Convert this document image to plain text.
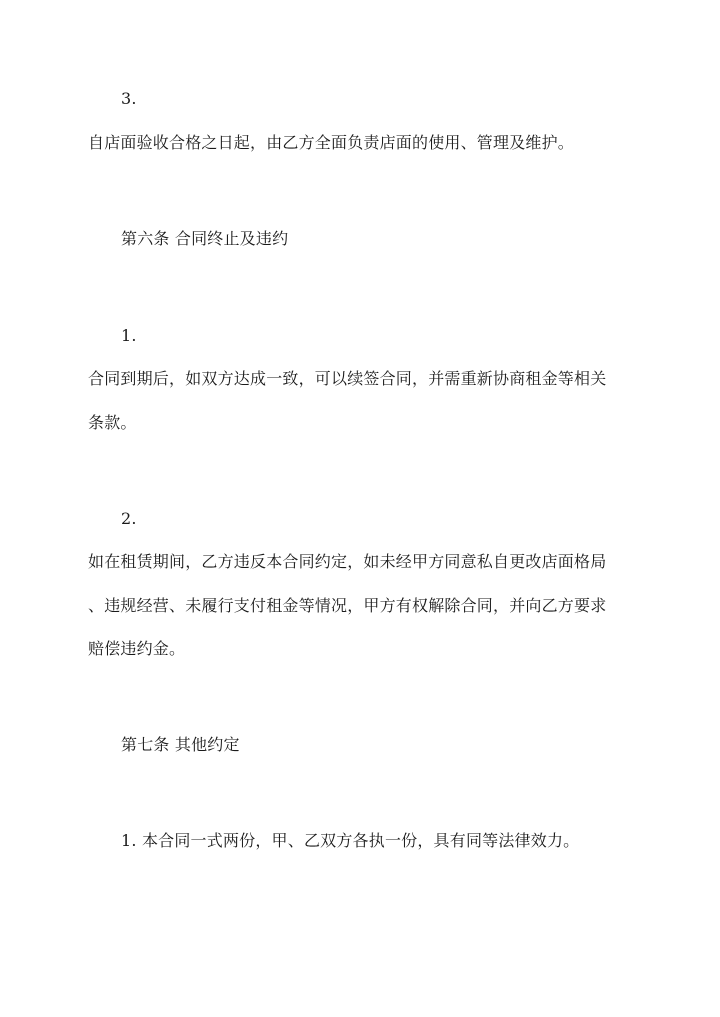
3.
自店面验收合格之日起，由乙方全面负责店面的使用、管理及维护。
第六条 合同终止及违约
1.
合同到期后，如双方达成一致，可以续签合同，并需重新协商租金等相关
条款。
2.
如在租赁期间，乙方违反本合同约定，如未经甲方同意私自更改店面格局
、违规经营、未履行支付租金等情况，甲方有权解除合同，并向乙方要求
赔偿违约金。
第七条 其他约定
1. 本合同一式两份，甲、乙双方各执一份，具有同等法律效力。
